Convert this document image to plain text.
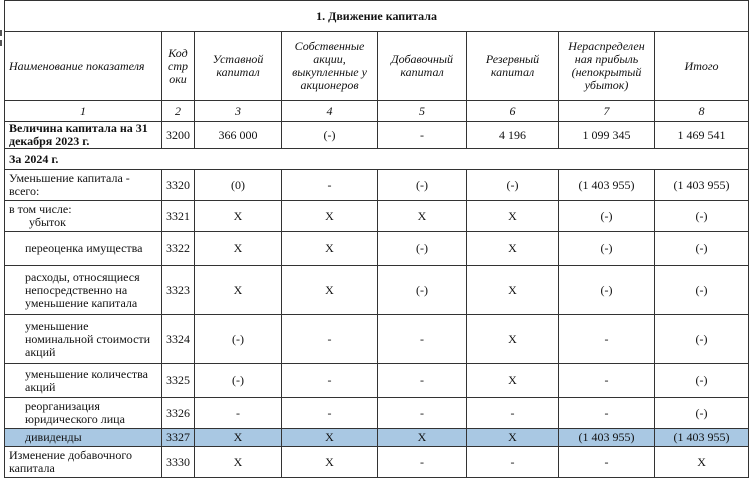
1. Движение капитала							
Наименование показателя	Код стр оки	Уставной капитал	Собственные акции, выкупленные у акционеров	Добавочный капитал	Резервный капитал	Нераспределен ная прибыль (непокрытый убыток)	Итого
1	2	3	4	5	6	7	8
Величина капитала на 31 декабря 2023 г.	3200	366 000	(-)	-	4 196	1 099 345	1 469 541
За 2024 г.							
Уменьшение капитала - всего:	3320	(0)	-	(-)	(-)	(1 403 955)	(1 403 955)
в том числе:
убыток	3321	Х	Х	Х	Х	(-)	(-)
переоценка имущества	3322	Х	Х	(-)	Х	(-)	(-)
расходы, относящиеся непосредственно на уменьшение капитала	3323	Х	Х	(-)	Х	(-)	(-)
уменьшение номинальной стоимости акций	3324	(-)	-	-	Х	-	(-)
уменьшение количества акций	3325	(-)	-	-	Х	-	(-)
реорганизация юридического лица	3326	-	-	-	-	-	(-)
дивиденды	3327	Х	Х	Х	Х	(1 403 955)	(1 403 955)
Изменение добавочного капитала	3330	Х	Х	-	-	-	Х
